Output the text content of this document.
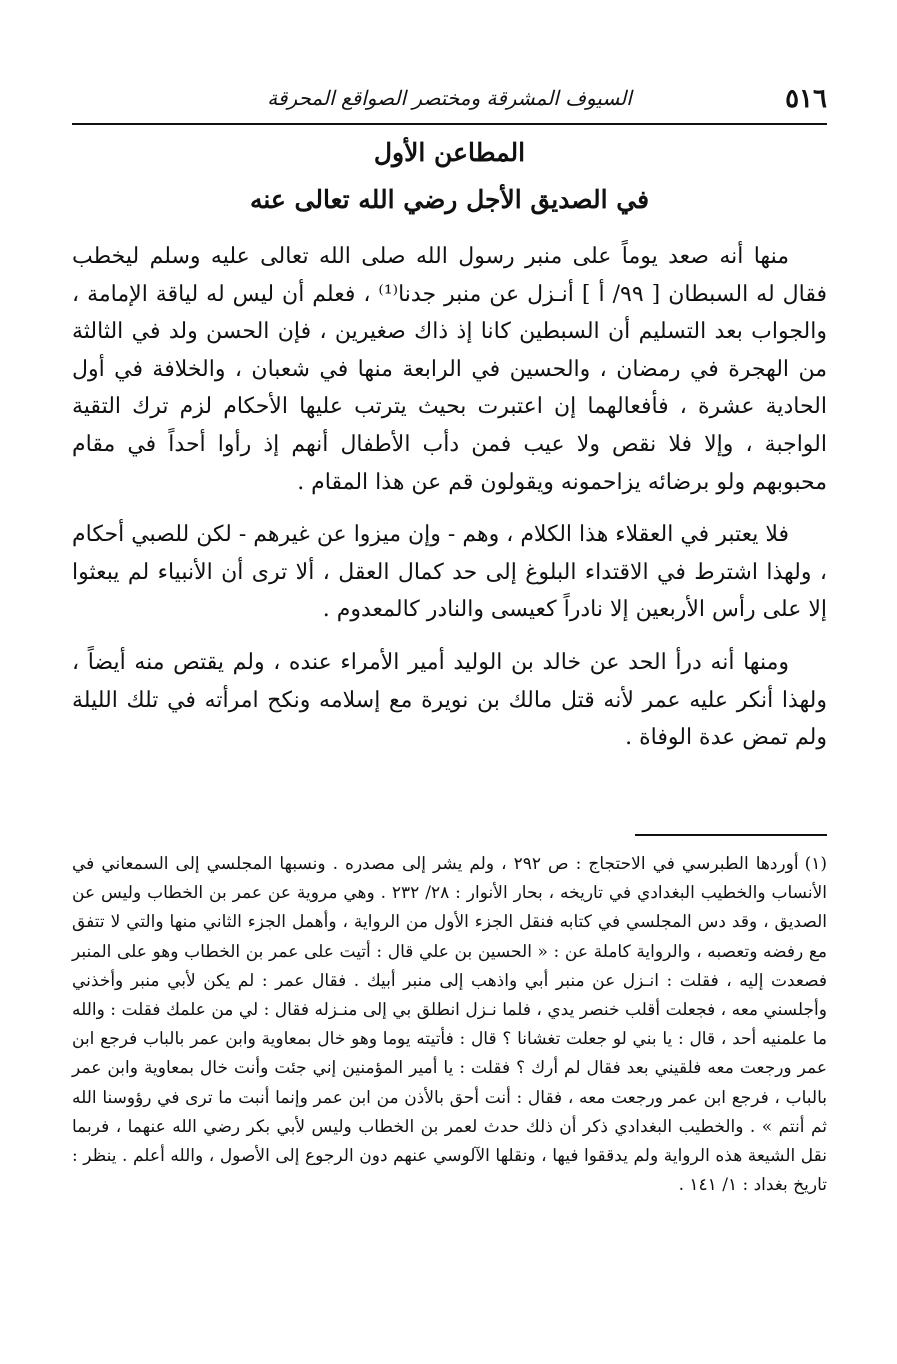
٥١٦
السيوف المشرقة ومختصر الصواقع المحرقة
المطاعن الأول
في الصديق الأجل رضي الله تعالى عنه

منها أنه صعد يوماً على منبر رسول الله صلى الله تعالى عليه وسلم ليخطب فقال له السبطان [ ٩٩/ أ ] أنـزل عن منبر جدنا⁽¹⁾ ، فعلم أن ليس له لياقة الإمامة ، والجواب بعد التسليم أن السبطين كانا إذ ذاك صغيرين ، فإن الحسن ولد في الثالثة من الهجرة في رمضان ، والحسين في الرابعة منها في شعبان ، والخلافة في أول الحادية عشرة ، فأفعالهما إن اعتبرت بحيث يترتب عليها الأحكام لزم ترك التقية الواجبة ، وإلا فلا نقص ولا عيب فمن دأب الأطفال أنهم إذ رأوا أحداً في مقام محبوبهم ولو برضائه يزاحمونه ويقولون قم عن هذا المقام .

فلا يعتبر في العقلاء هذا الكلام ، وهم - وإن ميزوا عن غيرهم - لكن للصبي أحكام ، ولهذا اشترط في الاقتداء البلوغ إلى حد كمال العقل ، ألا ترى أن الأنبياء لم يبعثوا إلا على رأس الأربعين إلا نادراً كعيسى والنادر كالمعدوم .

ومنها أنه درأ الحد عن خالد بن الوليد أمير الأمراء عنده ، ولم يقتص منه أيضاً ، ولهذا أنكر عليه عمر لأنه قتل مالك بن نويرة مع إسلامه ونكح امرأته في تلك الليلة ولم تمض عدة الوفاة .

(١)أوردها الطبرسي في الاحتجاج : ص ٢٩٢ ، ولم يشر إلى مصدره . ونسبها المجلسي إلى السمعاني في الأنساب والخطيب البغدادي في تاريخه ، بحار الأنوار : ٢٨/ ٢٣٢ . وهي مروية عن عمر بن الخطاب وليس عن الصديق ، وقد دس المجلسي في كتابه فنقل الجزء الأول من الرواية ، وأهمل الجزء الثاني منها والتي لا تتفق مع رفضه وتعصبه ، والرواية كاملة عن : « الحسين بن علي قال : أتيت على عمر بن الخطاب وهو على المنبر فصعدت إليه ، فقلت : انـزل عن منبر أبي واذهب إلى منبر أبيك . فقال عمر : لم يكن لأبي منبر وأخذني وأجلسني معه ، فجعلت أقلب خنصر يدي ، فلما نـزل انطلق بي إلى منـزله فقال : لي من علمك فقلت : والله ما علمنيه أحد ، قال : يا بني لو جعلت تغشانا ؟ قال : فأتيته يوما وهو خال بمعاوية وابن عمر بالباب فرجع ابن عمر ورجعت معه فلقيني بعد فقال لم أرك ؟ فقلت : يا أمير المؤمنين إني جئت وأنت خال بمعاوية وابن عمر بالباب ، فرجع ابن عمر ورجعت معه ، فقال : أنت أحق بالأذن من ابن عمر وإنما أنبت ما ترى في رؤوسنا الله ثم أنتم » . والخطيب البغدادي ذكر أن ذلك حدث لعمر بن الخطاب وليس لأبي بكر رضي الله عنهما ، فربما نقل الشيعة هذه الرواية ولم يدققوا فيها ، ونقلها الآلوسي عنهم دون الرجوع إلى الأصول ، والله أعلم . ينظر : تاريخ بغداد : ١/ ١٤١ .
